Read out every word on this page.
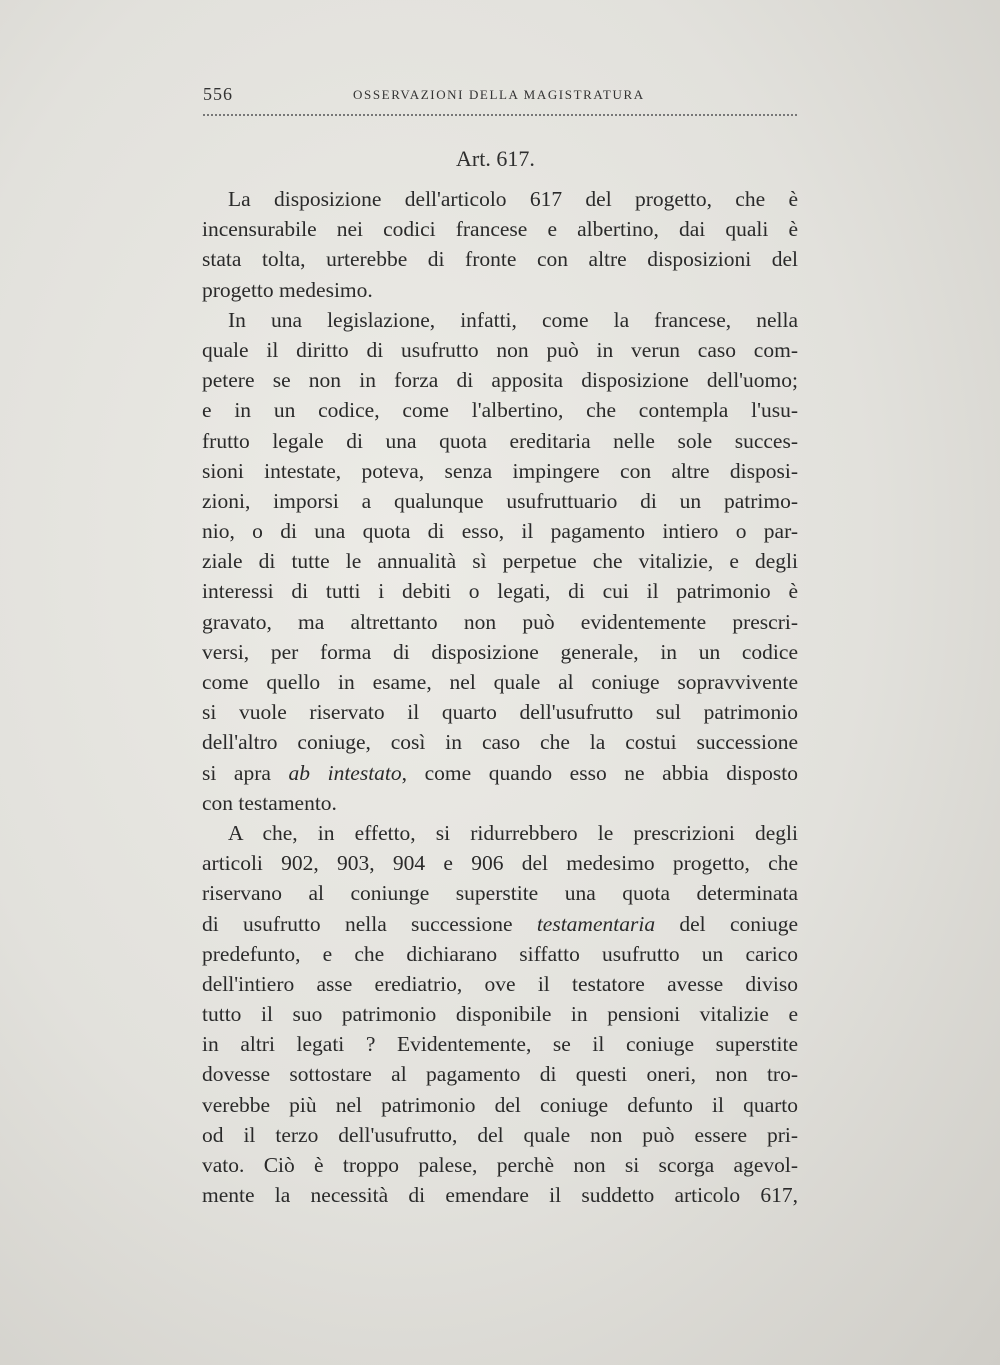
556	OSSERVAZIONI DELLA MAGISTRATURA
Art. 617.
La disposizione dell'articolo 617 del progetto, che è
incensurabile nei codici francese e albertino, dai quali è
stata tolta, urterebbe di fronte con altre disposizioni del
progetto medesimo.
In una legislazione, infatti, come la francese, nella
quale il diritto di usufrutto non può in verun caso com-
petere se non in forza di apposita disposizione dell'uomo;
e in un codice, come l'albertino, che contempla l'usu-
frutto legale di una quota ereditaria nelle sole succes-
sioni intestate, poteva, senza impingere con altre disposi-
zioni, imporsi a qualunque usufruttuario di un patrimo-
nio, o di una quota di esso, il pagamento intiero o par-
ziale di tutte le annualità sì perpetue che vitalizie, e degli
interessi di tutti i debiti o legati, di cui il patrimonio è
gravato, ma altrettanto non può evidentemente prescri-
versi, per forma di disposizione generale, in un codice
come quello in esame, nel quale al coniuge sopravvivente
si vuole riservato il quarto dell'usufrutto sul patrimonio
dell'altro coniuge, così in caso che la costui successione
si apra ab intestato, come quando esso ne abbia disposto
con testamento.
A che, in effetto, si ridurrebbero le prescrizioni degli
articoli 902, 903, 904 e 906 del medesimo progetto, che
riservano al coniunge superstite una quota determinata
di usufrutto nella successione testamentaria del coniuge
predefunto, e che dichiarano siffatto usufrutto un carico
dell'intiero asse erediatrio, ove il testatore avesse diviso
tutto il suo patrimonio disponibile in pensioni vitalizie e
in altri legati ? Evidentemente, se il coniuge superstite
dovesse sottostare al pagamento di questi oneri, non tro-
verebbe più nel patrimonio del coniuge defunto il quarto
od il terzo dell'usufrutto, del quale non può essere pri-
vato. Ciò è troppo palese, perchè non si scorga agevol-
mente la necessità di emendare il suddetto articolo 617,
